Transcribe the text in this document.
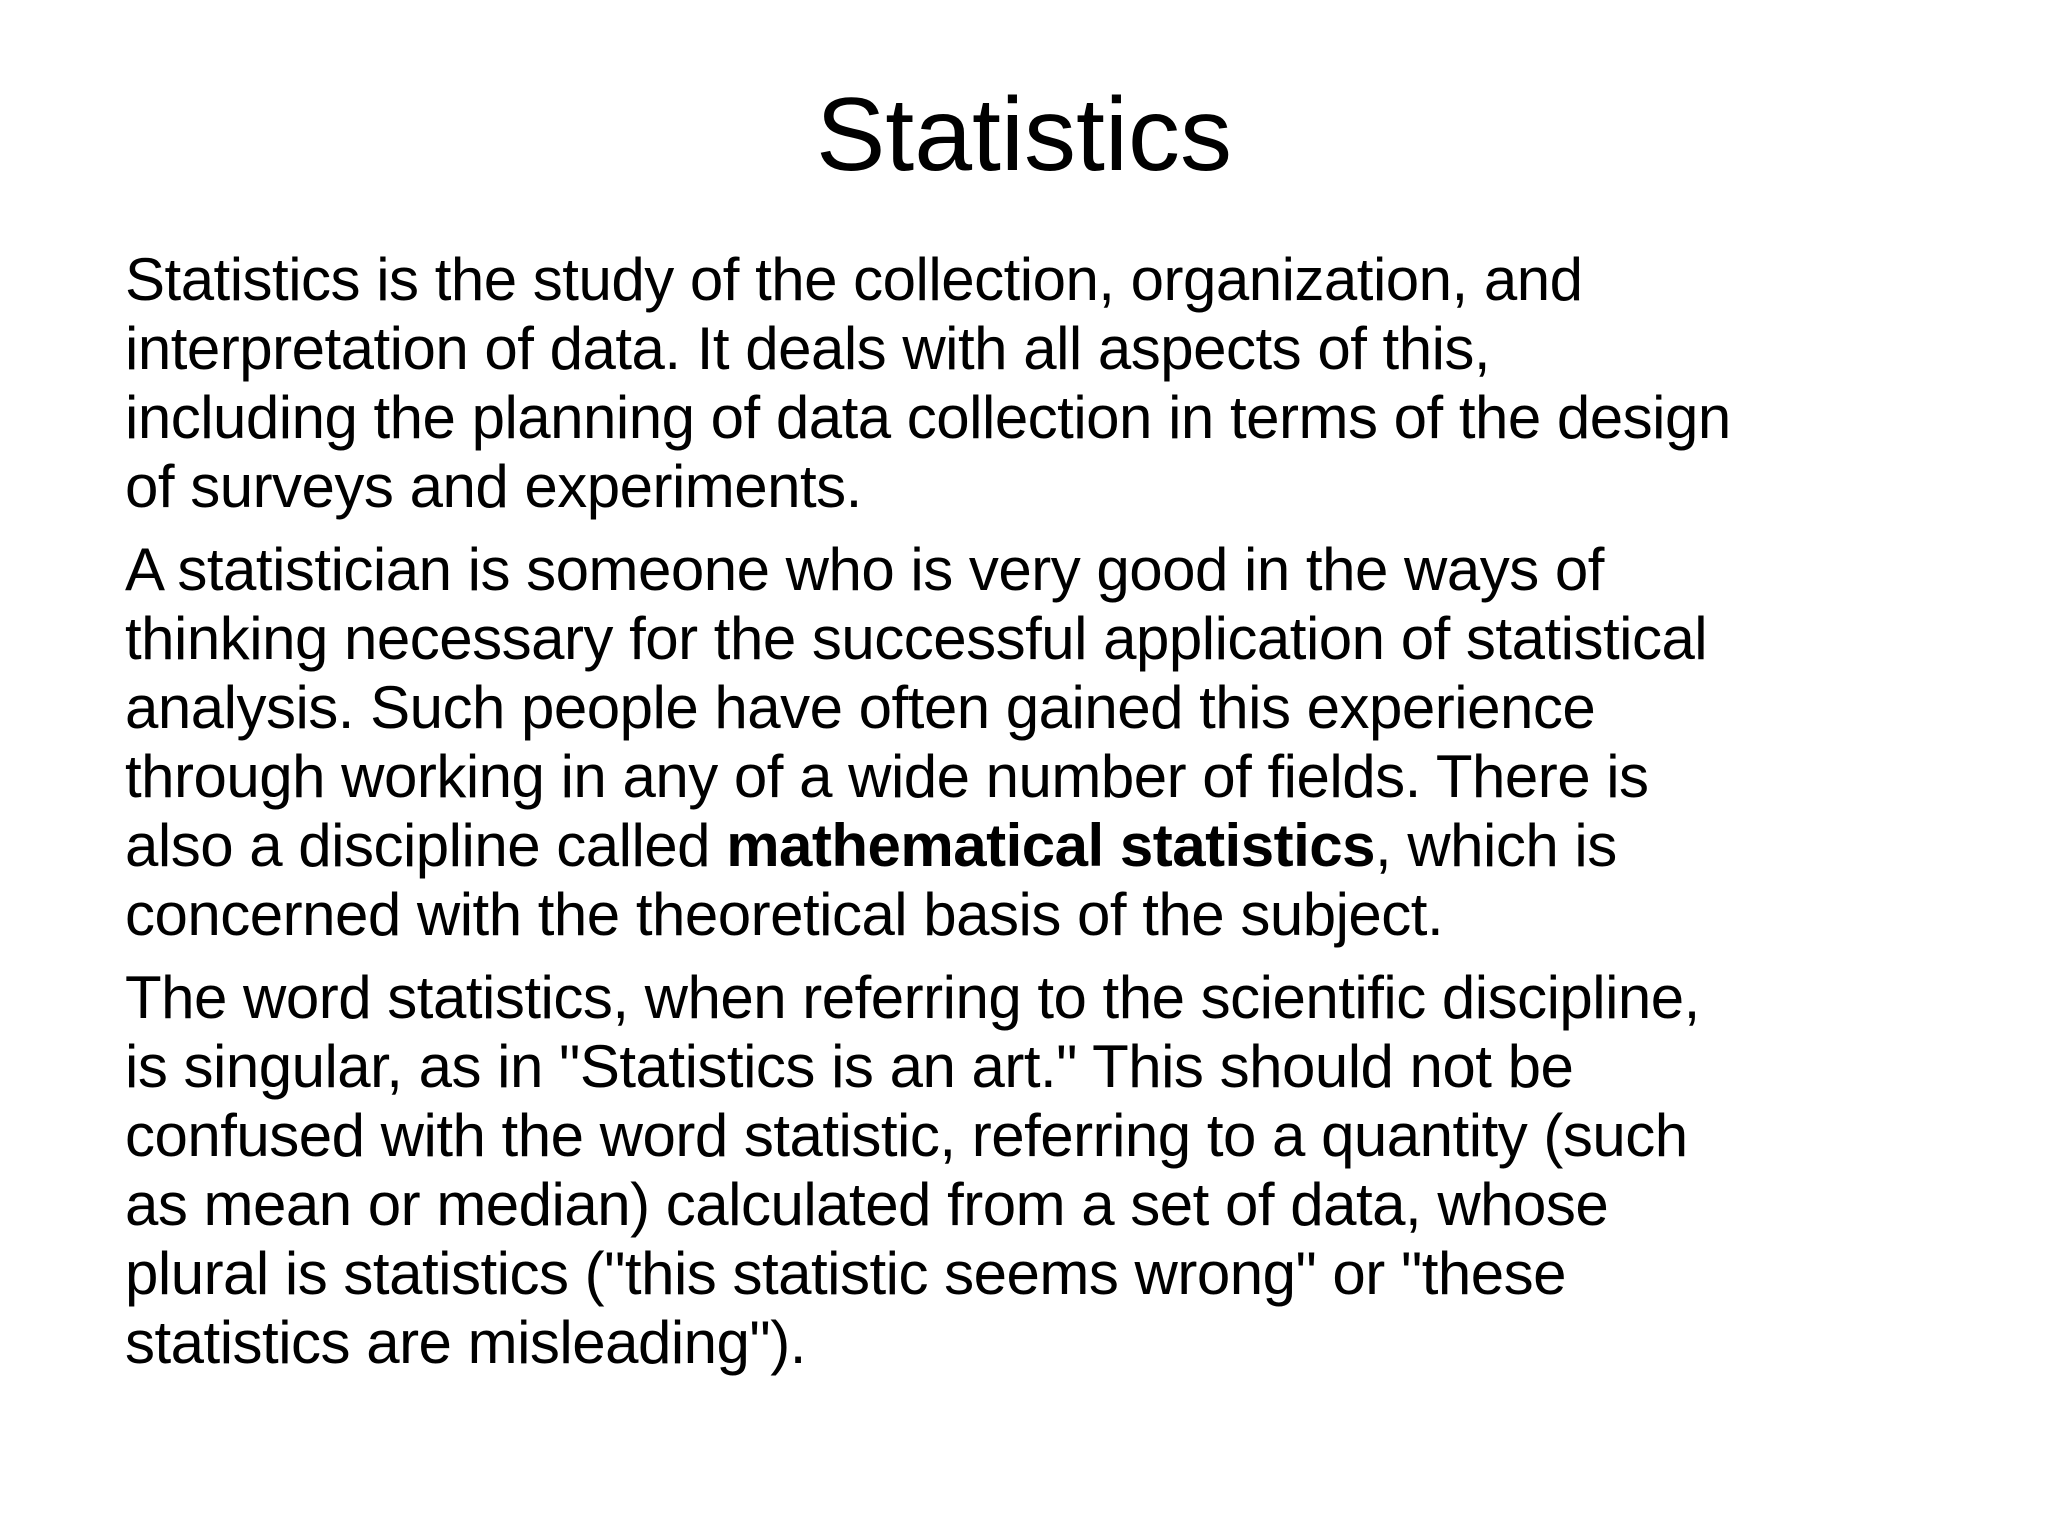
Statistics

Statistics is the study of the collection, organization, and
interpretation of data. It deals with all aspects of this,
including the planning of data collection in terms of the design
of surveys and experiments.

A statistician is someone who is very good in the ways of
thinking necessary for the successful application of statistical
analysis. Such people have often gained this experience
through working in any of a wide number of fields. There is
also a discipline called mathematical statistics, which is
concerned with the theoretical basis of the subject.

The word statistics, when referring to the scientific discipline,
is singular, as in "Statistics is an art." This should not be
confused with the word statistic, referring to a quantity (such
as mean or median) calculated from a set of data, whose
plural is statistics ("this statistic seems wrong" or "these
statistics are misleading").
